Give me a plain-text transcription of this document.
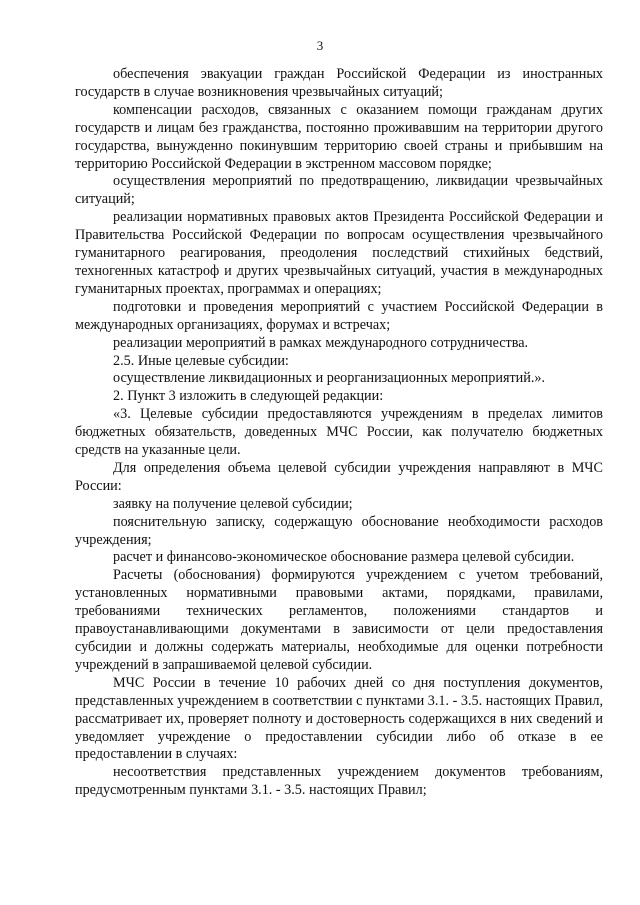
3

обеспечения эвакуации граждан Российской Федерации из иностранных государств в случае возникновения чрезвычайных ситуаций;

компенсации расходов, связанных с оказанием помощи гражданам других государств и лицам без гражданства, постоянно проживавшим на территории другого государства, вынужденно покинувшим территорию своей страны и прибывшим на территорию Российской Федерации в экстренном массовом порядке;

осуществления мероприятий по предотвращению, ликвидации чрезвычайных ситуаций;

реализации нормативных правовых актов Президента Российской Федерации и Правительства Российской Федерации по вопросам осуществления чрезвычайного гуманитарного реагирования, преодоления последствий стихийных бедствий, техногенных катастроф и других чрезвычайных ситуаций, участия в международных гуманитарных проектах, программах и операциях;

подготовки и проведения мероприятий с участием Российской Федерации в международных организациях, форумах и встречах;

реализации мероприятий в рамках международного сотрудничества.

2.5. Иные целевые субсидии:

осуществление ликвидационных и реорганизационных мероприятий.».

2. Пункт 3 изложить в следующей редакции:

«3. Целевые субсидии предоставляются учреждениям в пределах лимитов бюджетных обязательств, доведенных МЧС России, как получателю бюджетных средств на указанные цели.

Для определения объема целевой субсидии учреждения направляют в МЧС России:

заявку на получение целевой субсидии;

пояснительную записку, содержащую обоснование необходимости расходов учреждения;

расчет и финансово-экономическое обоснование размера целевой субсидии.

Расчеты (обоснования) формируются учреждением с учетом требований, установленных нормативными правовыми актами, порядками, правилами, требованиями технических регламентов, положениями стандартов и правоустанавливающими документами в зависимости от цели предоставления субсидии и должны содержать материалы, необходимые для оценки потребности учреждений в запрашиваемой целевой субсидии.

МЧС России в течение 10 рабочих дней со дня поступления документов, представленных учреждением в соответствии с пунктами 3.1. - 3.5. настоящих Правил, рассматривает их, проверяет полноту и достоверность содержащихся в них сведений и уведомляет учреждение о предоставлении субсидии либо об отказе в ее предоставлении в случаях:

несоответствия представленных учреждением документов требованиям, предусмотренным пунктами 3.1. - 3.5. настоящих Правил;
